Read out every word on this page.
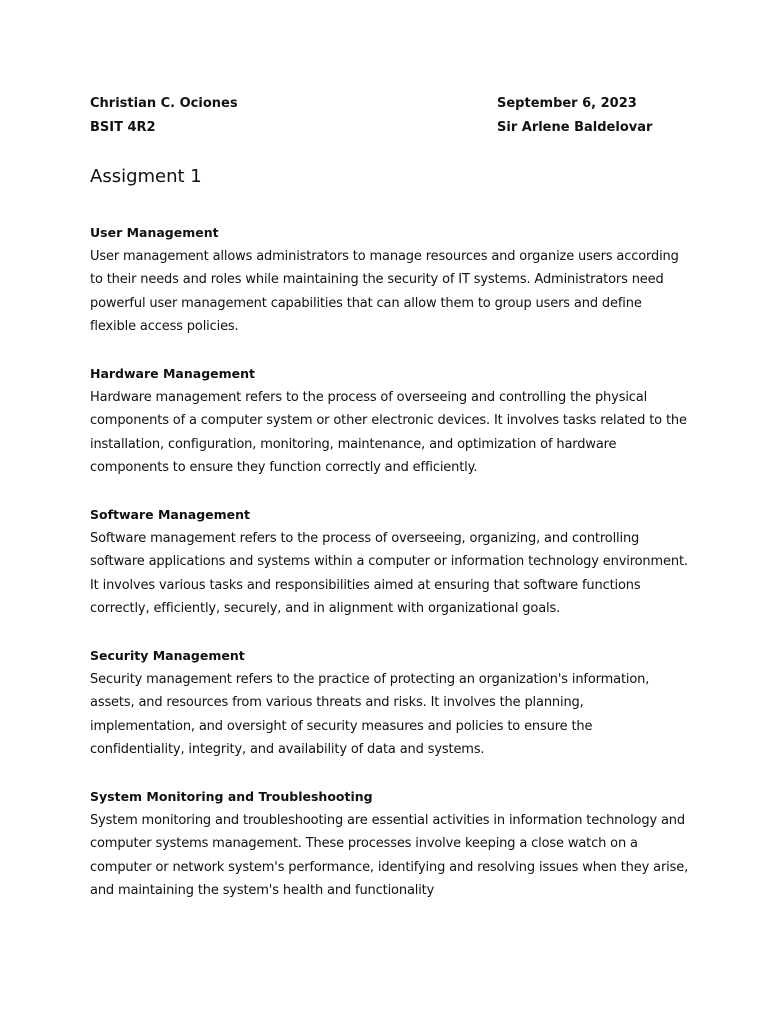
Christian C. Ociones
BSIT 4R2
September 6, 2023
Sir Arlene Baldelovar
Assigment 1
User Management
User management allows administrators to manage resources and organize users according to their needs and roles while maintaining the security of IT systems. Administrators need powerful user management capabilities that can allow them to group users and define flexible access policies.
Hardware Management
Hardware management refers to the process of overseeing and controlling the physical components of a computer system or other electronic devices. It involves tasks related to the installation, configuration, monitoring, maintenance, and optimization of hardware components to ensure they function correctly and efficiently.
Software Management
Software management refers to the process of overseeing, organizing, and controlling software applications and systems within a computer or information technology environment. It involves various tasks and responsibilities aimed at ensuring that software functions correctly, efficiently, securely, and in alignment with organizational goals.
Security Management
Security management refers to the practice of protecting an organization's information, assets, and resources from various threats and risks. It involves the planning, implementation, and oversight of security measures and policies to ensure the confidentiality, integrity, and availability of data and systems.
System Monitoring and Troubleshooting
System monitoring and troubleshooting are essential activities in information technology and computer systems management. These processes involve keeping a close watch on a computer or network system's performance, identifying and resolving issues when they arise, and maintaining the system's health and functionality
